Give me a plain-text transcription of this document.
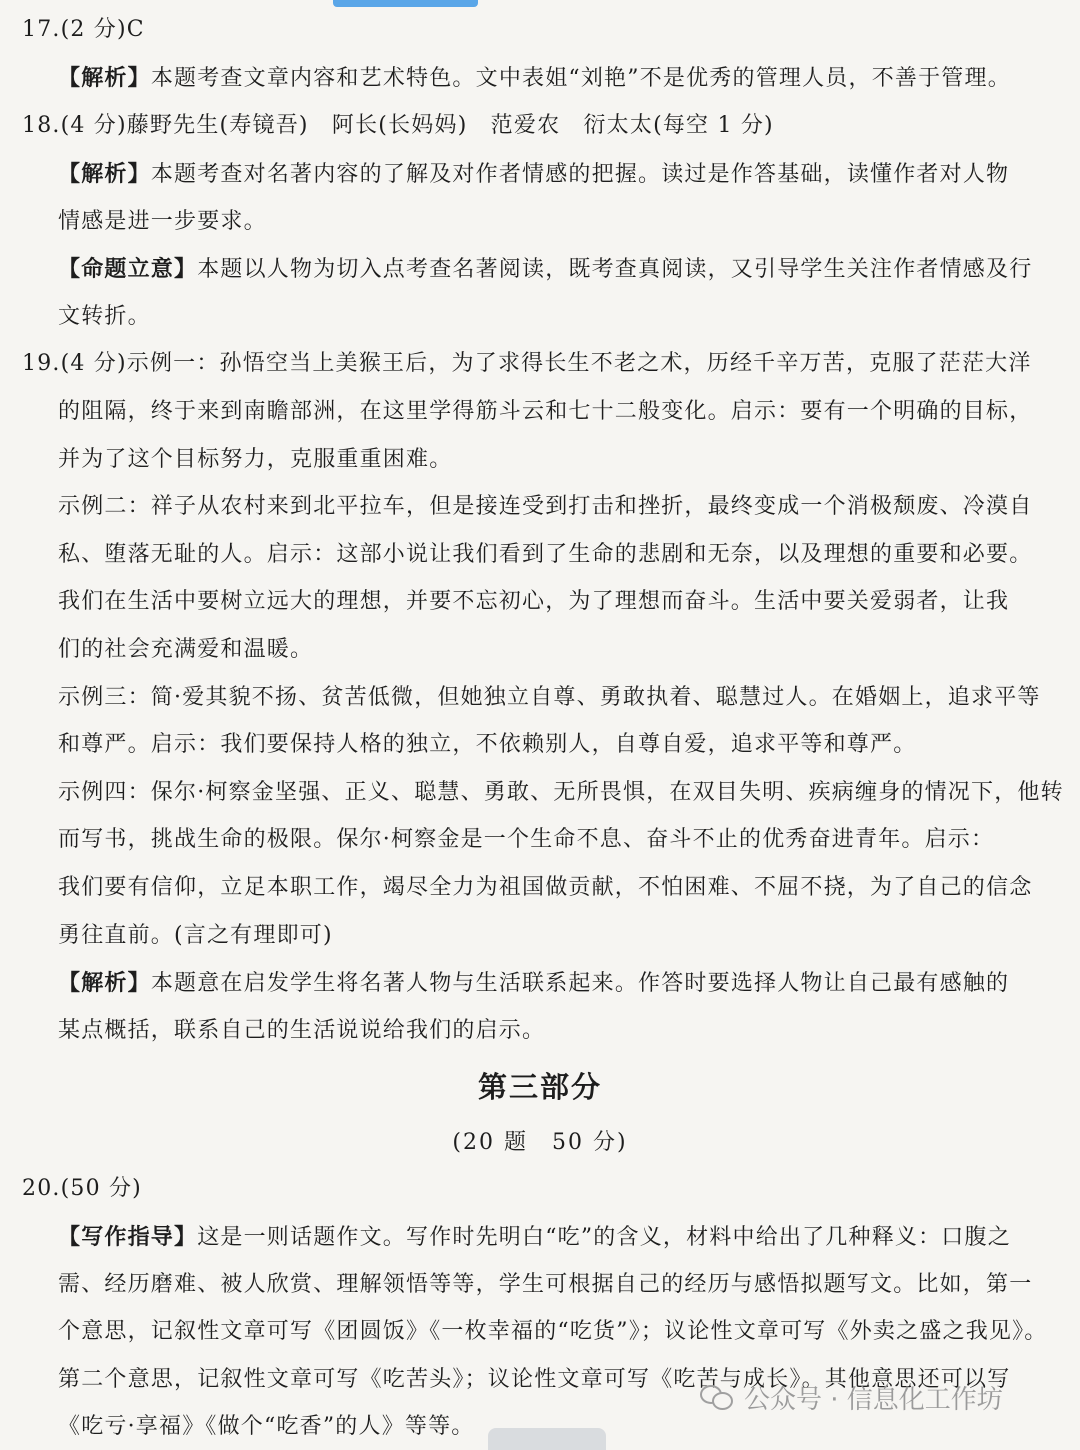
17.(2 分)C
【解析】本题考查文章内容和艺术特色。文中表姐“刘艳”不是优秀的管理人员，不善于管理。
18.(4 分)藤野先生(寿镜吾)　阿长(长妈妈)　范爱农　衍太太(每空 1 分)
【解析】本题考查对名著内容的了解及对作者情感的把握。读过是作答基础，读懂作者对人物
情感是进一步要求。
【命题立意】本题以人物为切入点考查名著阅读，既考查真阅读，又引导学生关注作者情感及行
文转折。
19.(4 分)示例一：孙悟空当上美猴王后，为了求得长生不老之术，历经千辛万苦，克服了茫茫大洋
的阻隔，终于来到南瞻部洲，在这里学得筋斗云和七十二般变化。启示：要有一个明确的目标，
并为了这个目标努力，克服重重困难。
示例二：祥子从农村来到北平拉车，但是接连受到打击和挫折，最终变成一个消极颓废、冷漠自
私、堕落无耻的人。启示：这部小说让我们看到了生命的悲剧和无奈，以及理想的重要和必要。
我们在生活中要树立远大的理想，并要不忘初心，为了理想而奋斗。生活中要关爱弱者，让我
们的社会充满爱和温暖。
示例三：简·爱其貌不扬、贫苦低微，但她独立自尊、勇敢执着、聪慧过人。在婚姻上，追求平等
和尊严。启示：我们要保持人格的独立，不依赖别人，自尊自爱，追求平等和尊严。
示例四：保尔·柯察金坚强、正义、聪慧、勇敢、无所畏惧，在双目失明、疾病缠身的情况下，他转
而写书，挑战生命的极限。保尔·柯察金是一个生命不息、奋斗不止的优秀奋进青年。启示：
我们要有信仰，立足本职工作，竭尽全力为祖国做贡献，不怕困难、不屈不挠，为了自己的信念
勇往直前。(言之有理即可)
【解析】本题意在启发学生将名著人物与生活联系起来。作答时要选择人物让自己最有感触的
某点概括，联系自己的生活说说给我们的启示。
第三部分
(20 题　50 分)
20.(50 分)
【写作指导】这是一则话题作文。写作时先明白“吃”的含义，材料中给出了几种释义：口腹之
需、经历磨难、被人欣赏、理解领悟等等，学生可根据自己的经历与感悟拟题写文。比如，第一
个意思，记叙性文章可写《团圆饭》《一枚幸福的“吃货”》；议论性文章可写《外卖之盛之我见》。
第二个意思，记叙性文章可写《吃苦头》；议论性文章可写《吃苦与成长》。其他意思还可以写
《吃亏·享福》《做个“吃香”的人》等等。
公众号 · 信息化工作坊
